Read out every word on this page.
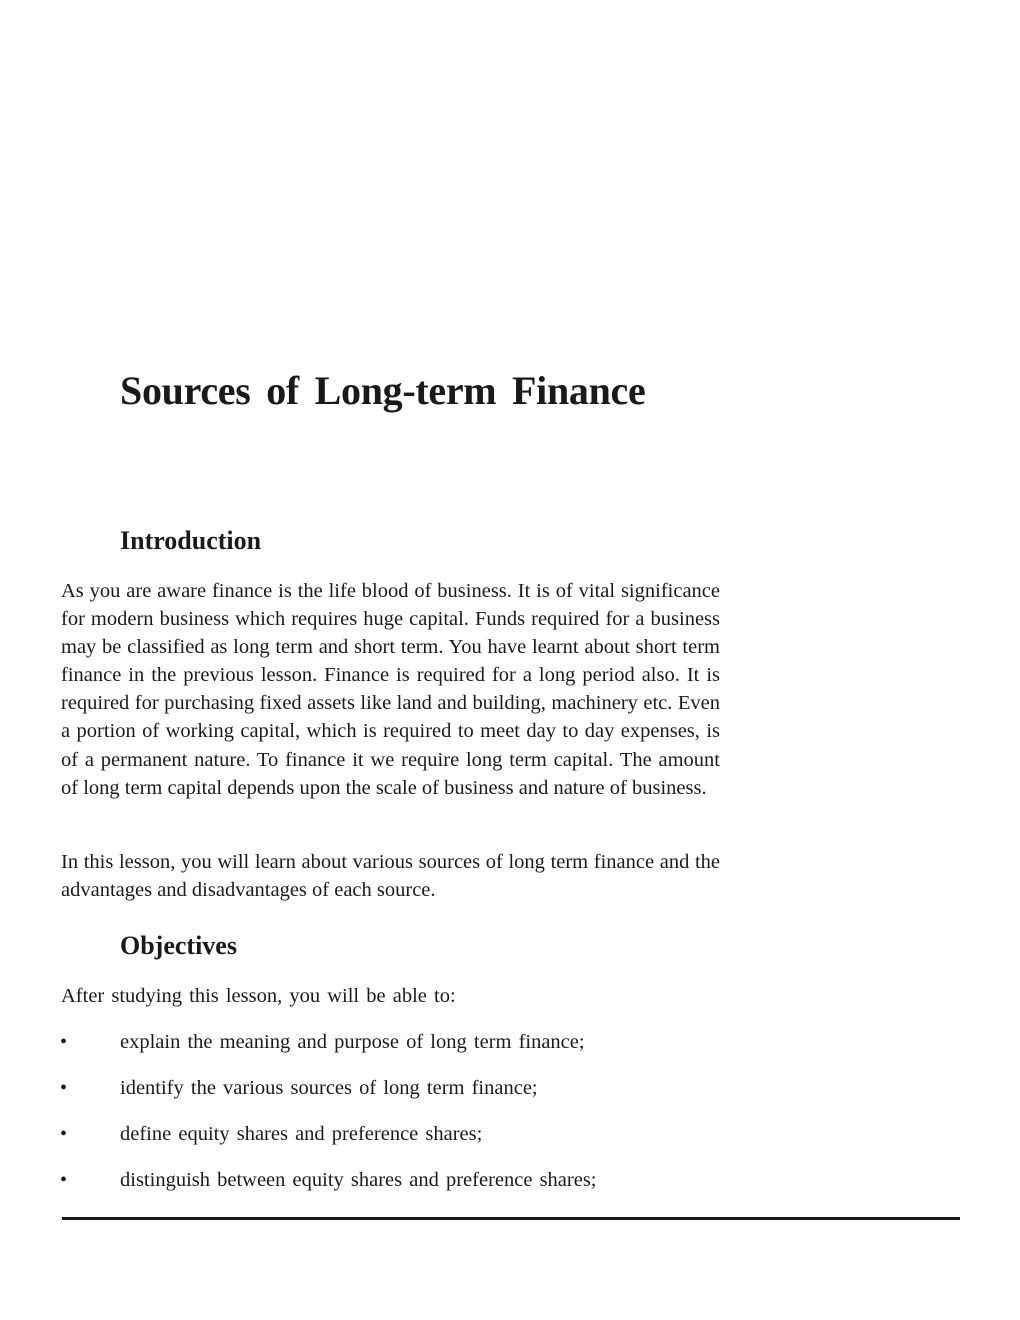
Sources of Long-term Finance
Introduction

As you are aware finance is the life blood of business. It is of vital significance for modern business which requires huge capital. Funds required for a business may be classified as long term and short term. You have learnt about short term finance in the previous lesson. Finance is required for a long period also. It is required for purchasing fixed assets like land and building, machinery etc. Even a portion of working capital, which is required to meet day to day expenses, is of a permanent nature. To finance it we require long term capital. The amount of long term capital depends upon the scale of business and nature of business.

In this lesson, you will learn about various sources of long term finance and the advantages and disadvantages of each source.

Objectives

After studying this lesson, you will be able to:

•	explain the meaning and purpose of long term finance;
•	identify the various sources of long term finance;
•	define equity shares and preference shares;
•	distinguish between equity shares and preference shares;
